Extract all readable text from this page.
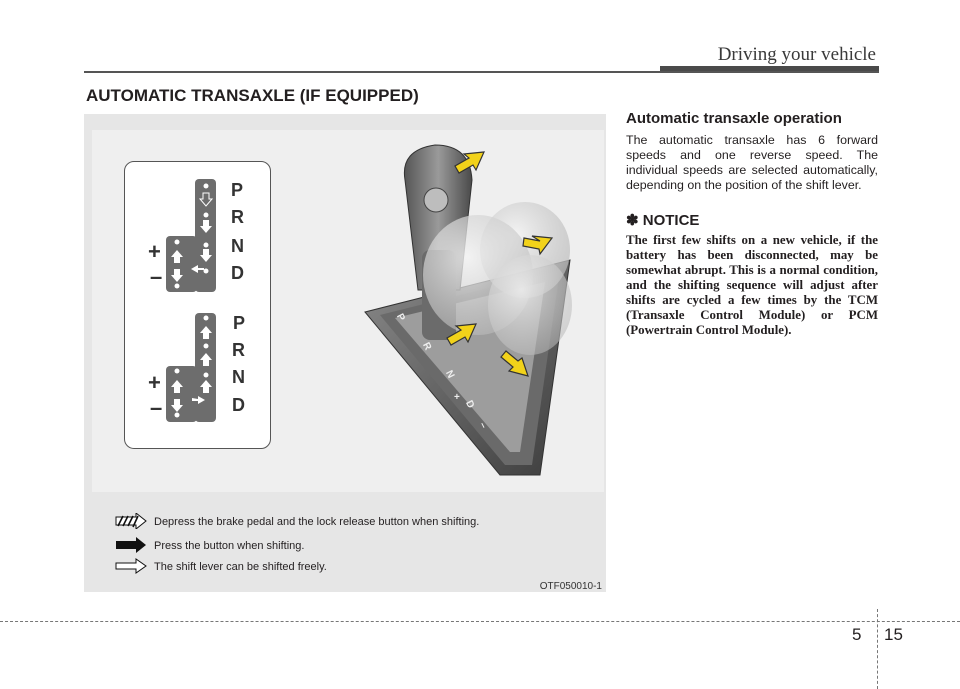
Driving your vehicle
AUTOMATIC TRANSAXLE (IF EQUIPPED)
P
R
N
D
+
–
P
R
N
D
+
–
P
R
N
D
+
–
Depress the brake pedal and the lock release button when shifting.
Press the button when shifting.
The shift lever can be shifted freely.
OTF050010-1

Automatic transaxle operation

The automatic transaxle has 6 forward speeds and one reverse speed. The individual speeds are selected automatically, depending on the position of the shift lever.

✽ NOTICE

The first few shifts on a new vehicle, if the battery has been disconnected, may be somewhat abrupt. This is a normal condition, and the shifting sequence will adjust after shifts are cycled a few times by the TCM (Transaxle Control Module) or PCM (Powertrain Control Module).

5 15
